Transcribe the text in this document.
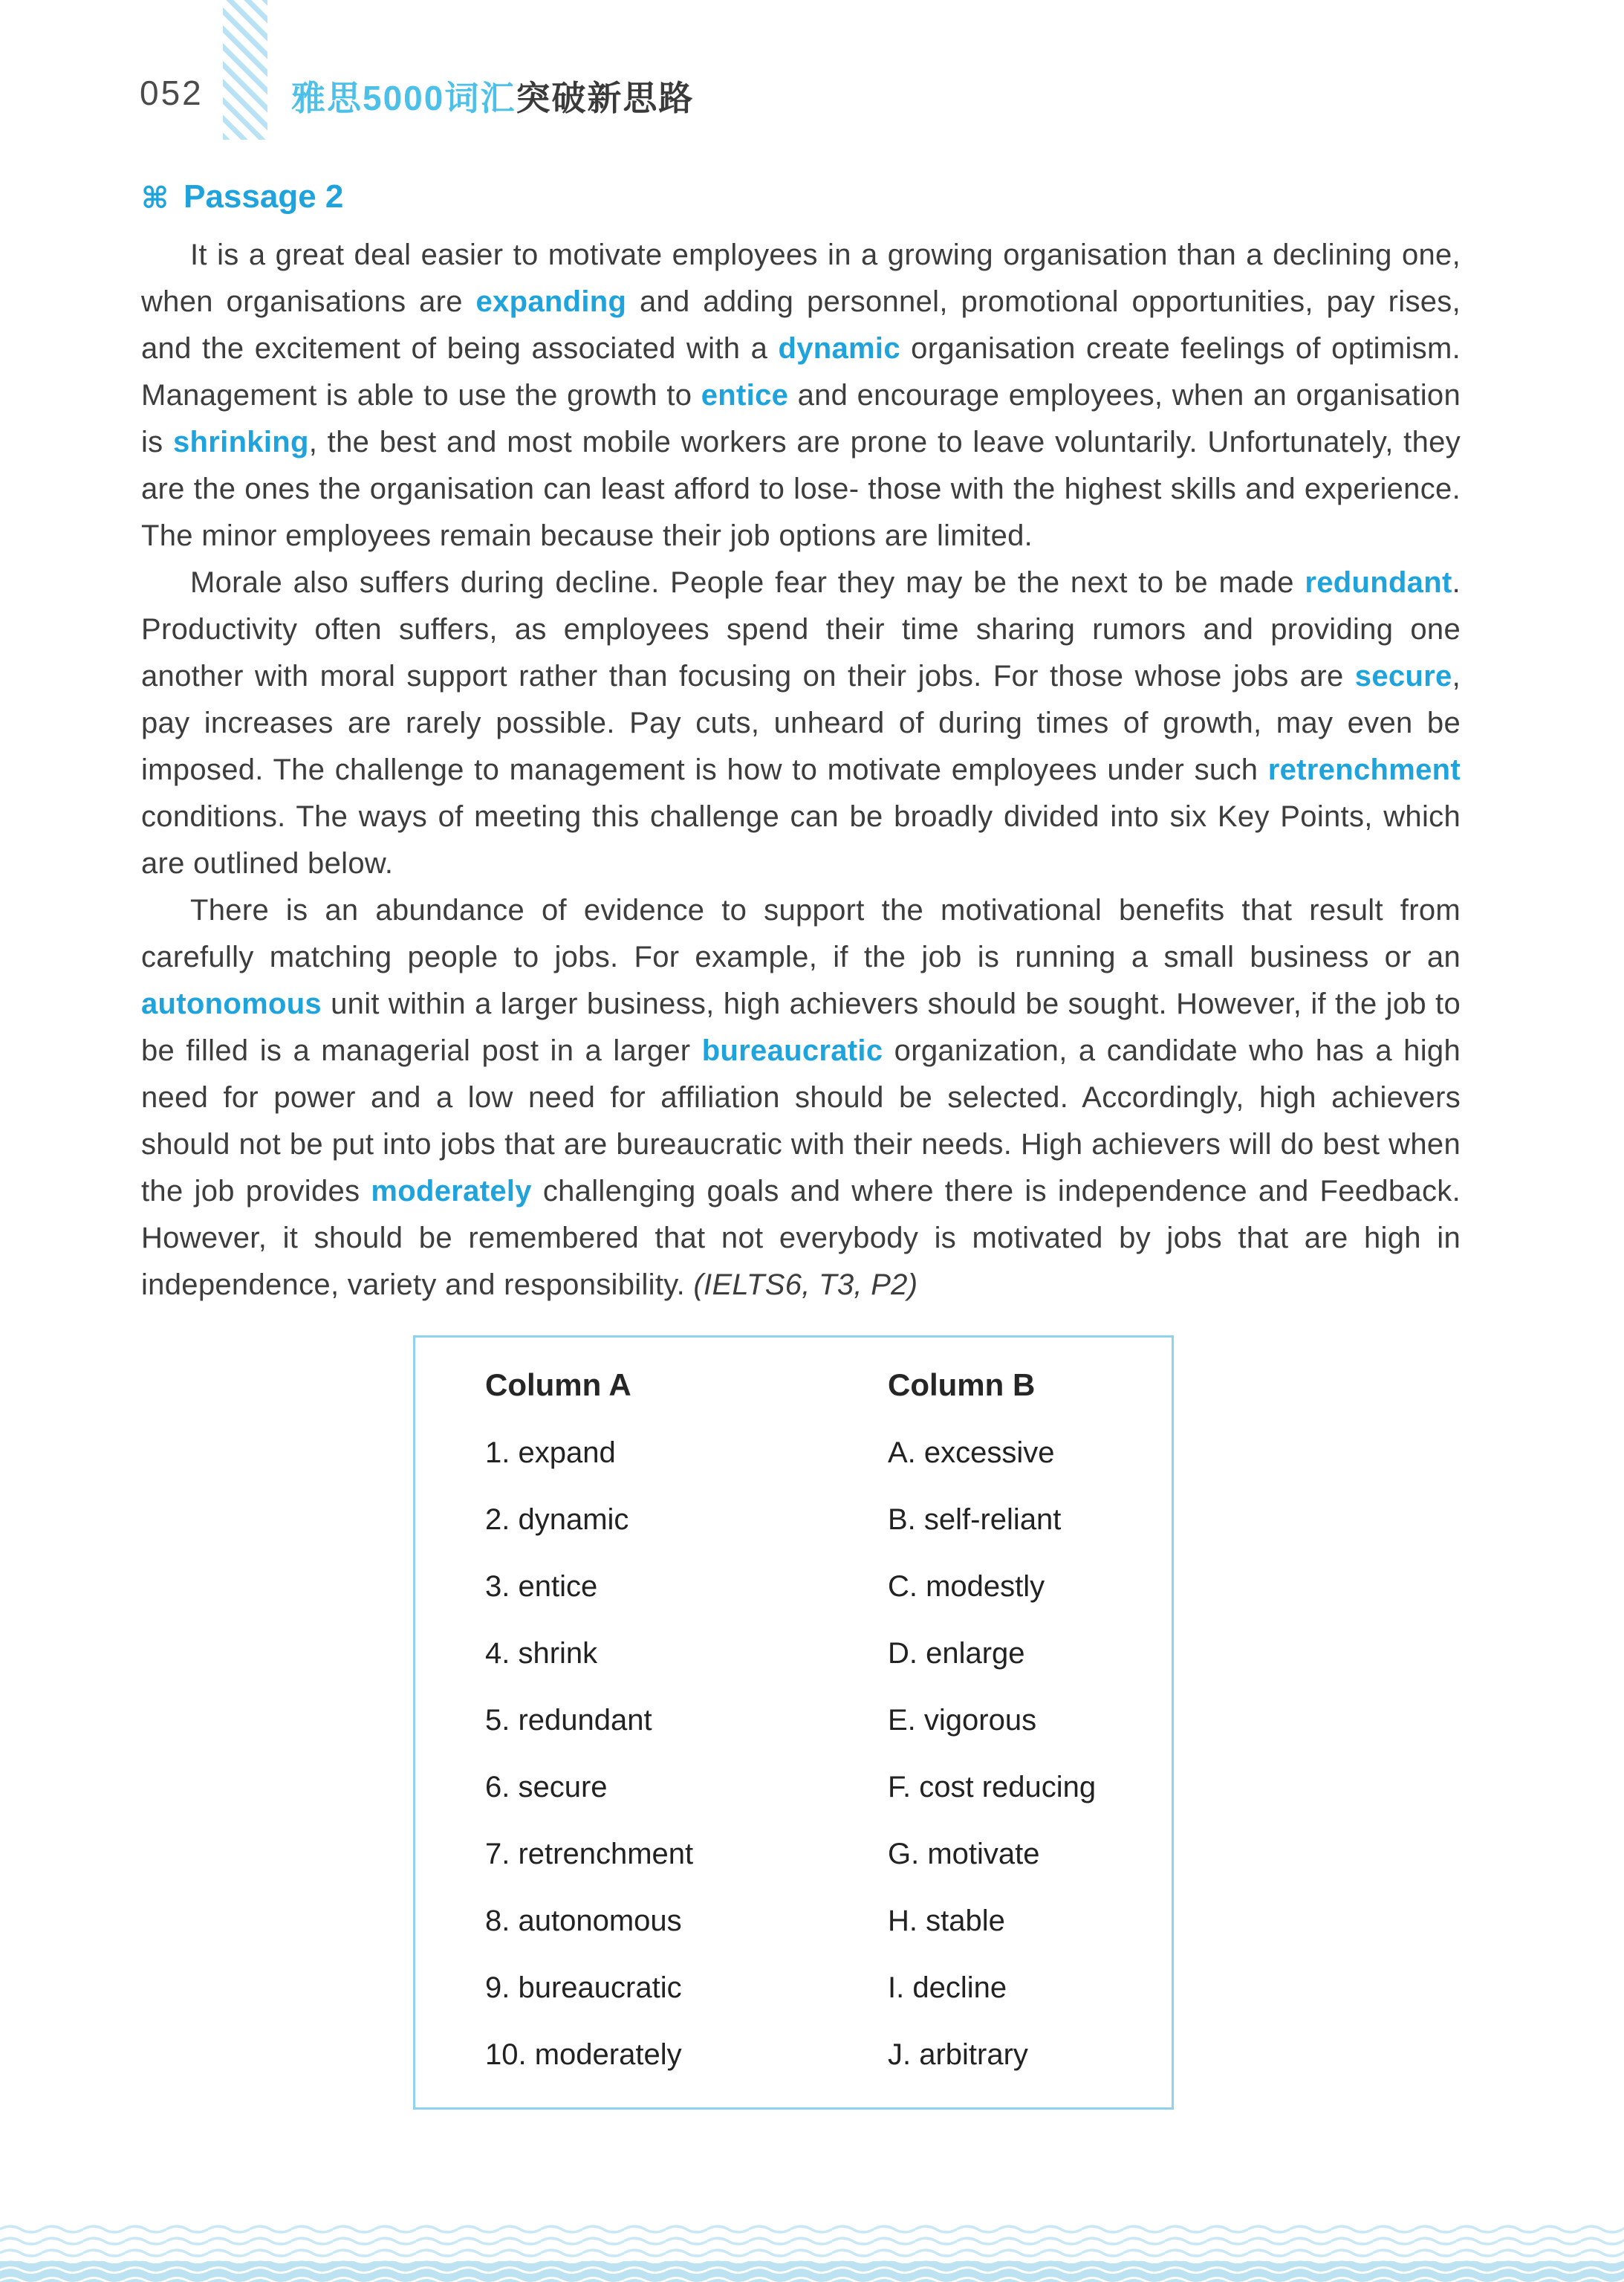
052	雅思5000词汇突破新思路
⌘ Passage 2

It is a great deal easier to motivate employees in a growing organisation than a declining one, when organisations are expanding and adding personnel, promotional opportunities, pay rises, and the excitement of being associated with a dynamic organisation create feelings of optimism. Management is able to use the growth to entice and encourage employees, when an organisation is shrinking, the best and most mobile workers are prone to leave voluntarily. Unfortunately, they are the ones the organisation can least afford to lose- those with the highest skills and experience. The minor employees remain because their job options are limited.

Morale also suffers during decline. People fear they may be the next to be made redundant. Productivity often suffers, as employees spend their time sharing rumors and providing one another with moral support rather than focusing on their jobs. For those whose jobs are secure, pay increases are rarely possible. Pay cuts, unheard of during times of growth, may even be imposed. The challenge to management is how to motivate employees under such retrenchment conditions. The ways of meeting this challenge can be broadly divided into six Key Points, which are outlined below.

There is an abundance of evidence to support the motivational benefits that result from carefully matching people to jobs. For example, if the job is running a small business or an autonomous unit within a larger business, high achievers should be sought. However, if the job to be filled is a managerial post in a larger bureaucratic organization, a candidate who has a high need for power and a low need for affiliation should be selected. Accordingly, high achievers should not be put into jobs that are bureaucratic with their needs. High achievers will do best when the job provides moderately challenging goals and where there is independence and Feedback. However, it should be remembered that not everybody is motivated by jobs that are high in independence, variety and responsibility. (IELTS6, T3, P2)

Column A	Column B
1. expand	A. excessive
2. dynamic	B. self-reliant
3. entice	C. modestly
4. shrink	D. enlarge
5. redundant	E. vigorous
6. secure	F. cost reducing
7. retrenchment	G. motivate
8. autonomous	H. stable
9. bureaucratic	I. decline
10. moderately	J. arbitrary
